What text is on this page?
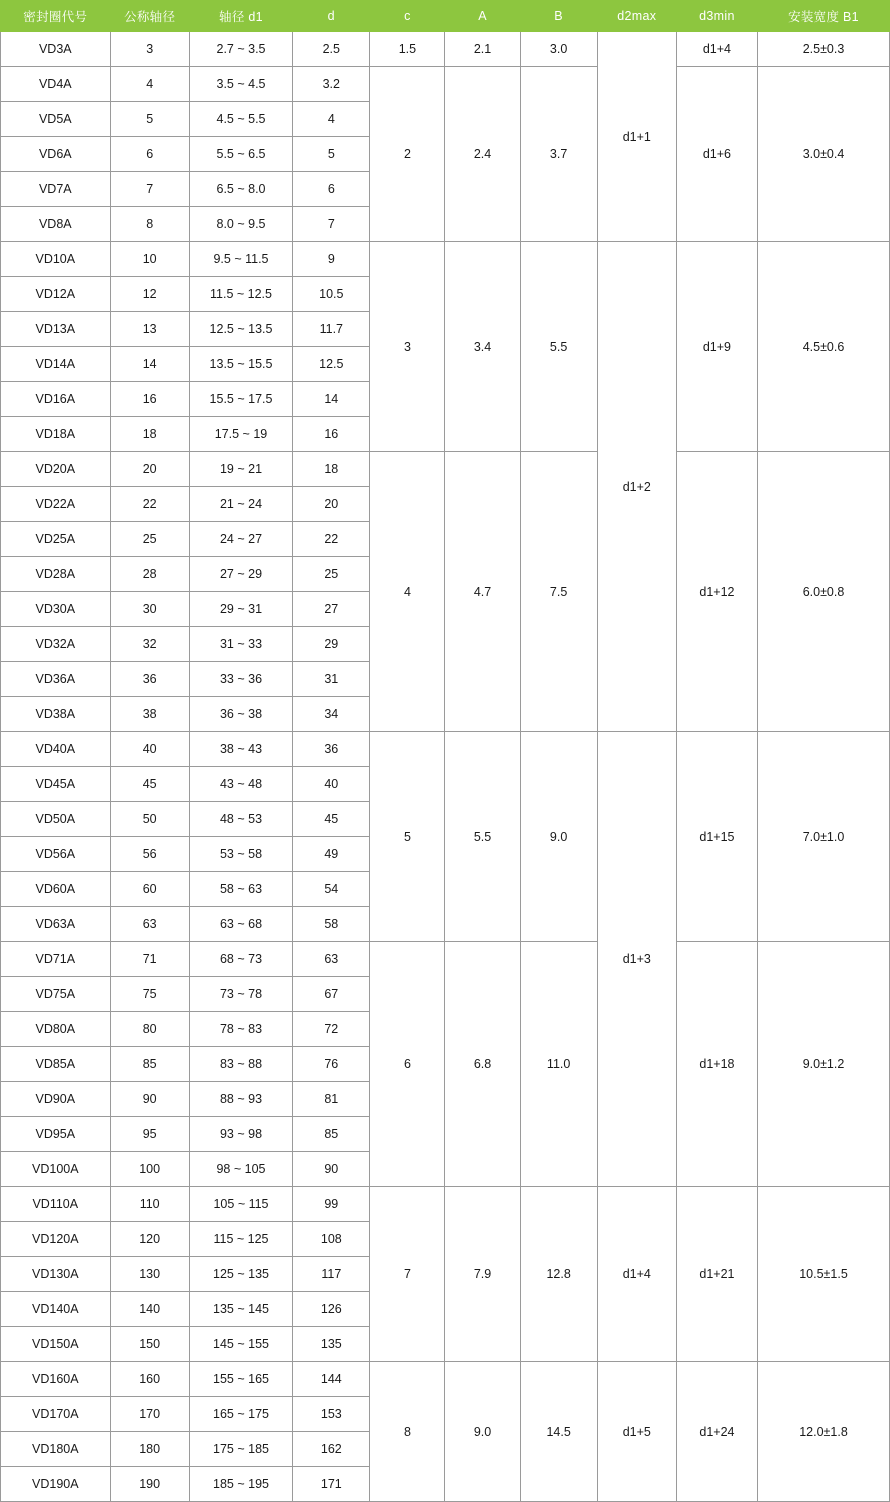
密封圈代号	公称轴径	轴径 d1	d	c	A	B	d2max	d3min	安装宽度 B1
VD3A	3	2.7 ~ 3.5	2.5	1.5	2.1	3.0	d1+1	d1+4	2.5±0.3
VD4A	4	3.5 ~ 4.5	3.2	2	2.4	3.7		d1+6	3.0±0.4
VD5A	5	4.5 ~ 5.5	4						
VD6A	6	5.5 ~ 6.5	5						
VD7A	7	6.5 ~ 8.0	6						
VD8A	8	8.0 ~ 9.5	7						
VD10A	10	9.5 ~ 11.5	9	3	3.4	5.5	d1+2	d1+9	4.5±0.6
VD12A	12	11.5 ~ 12.5	10.5						
VD13A	13	12.5 ~ 13.5	11.7						
VD14A	14	13.5 ~ 15.5	12.5						
VD16A	16	15.5 ~ 17.5	14						
VD18A	18	17.5 ~ 19	16						
VD20A	20	19 ~ 21	18	4	4.7	7.5		d1+12	6.0±0.8
VD22A	22	21 ~ 24	20						
VD25A	25	24 ~ 27	22						
VD28A	28	27 ~ 29	25						
VD30A	30	29 ~ 31	27						
VD32A	32	31 ~ 33	29						
VD36A	36	33 ~ 36	31						
VD38A	38	36 ~ 38	34						
VD40A	40	38 ~ 43	36	5	5.5	9.0	d1+3	d1+15	7.0±1.0
VD45A	45	43 ~ 48	40						
VD50A	50	48 ~ 53	45						
VD56A	56	53 ~ 58	49						
VD60A	60	58 ~ 63	54						
VD63A	63	63 ~ 68	58						
VD71A	71	68 ~ 73	63	6	6.8	11.0		d1+18	9.0±1.2
VD75A	75	73 ~ 78	67						
VD80A	80	78 ~ 83	72						
VD85A	85	83 ~ 88	76						
VD90A	90	88 ~ 93	81						
VD95A	95	93 ~ 98	85						
VD100A	100	98 ~ 105	90						
VD110A	110	105 ~ 115	99	7	7.9	12.8	d1+4	d1+21	10.5±1.5
VD120A	120	115 ~ 125	108						
VD130A	130	125 ~ 135	117						
VD140A	140	135 ~ 145	126						
VD150A	150	145 ~ 155	135						
VD160A	160	155 ~ 165	144	8	9.0	14.5	d1+5	d1+24	12.0±1.8
VD170A	170	165 ~ 175	153						
VD180A	180	175 ~ 185	162						
VD190A	190	185 ~ 195	171						
